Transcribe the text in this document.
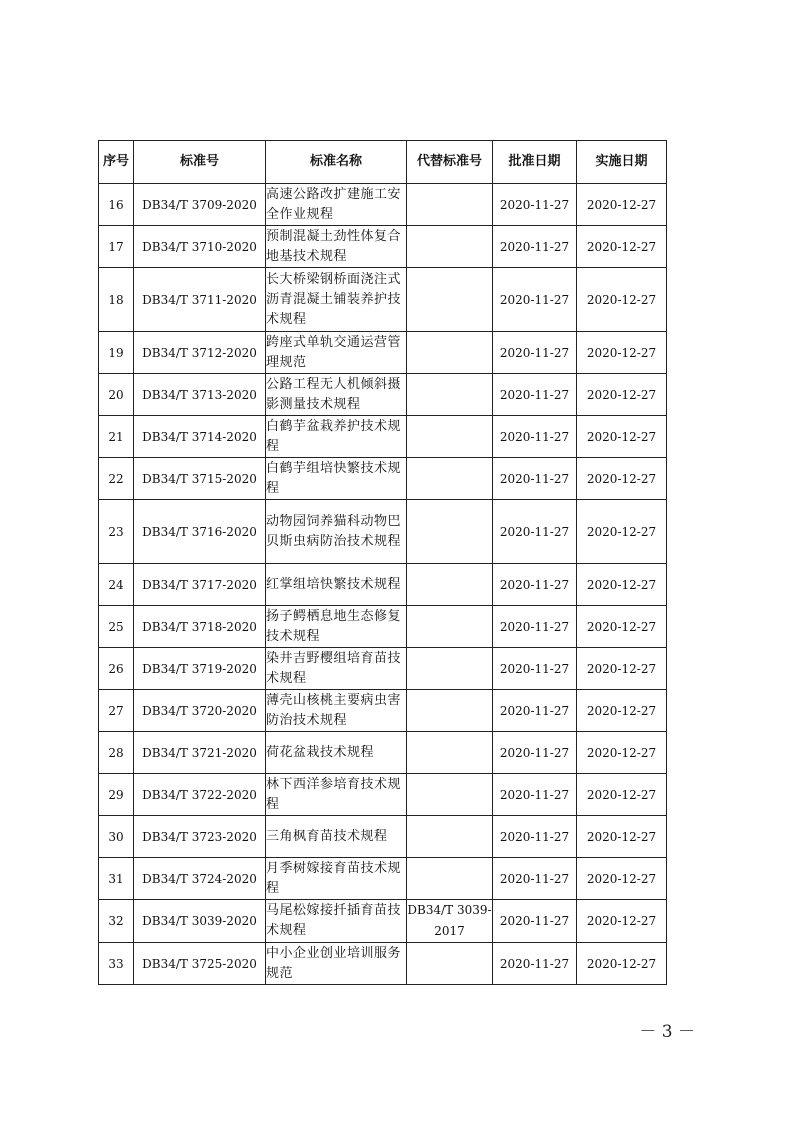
序号	标准号	标准名称	代替标准号	批准日期	实施日期
16	DB34/T 3709-2020	高速公路改扩建施工安全作业规程		2020-11-27	2020-12-27
17	DB34/T 3710-2020	预制混凝土劲性体复合地基技术规程		2020-11-27	2020-12-27
18	DB34/T 3711-2020	长大桥梁钢桥面浇注式沥青混凝土铺装养护技术规程		2020-11-27	2020-12-27
19	DB34/T 3712-2020	跨座式单轨交通运营管理规范		2020-11-27	2020-12-27
20	DB34/T 3713-2020	公路工程无人机倾斜摄影测量技术规程		2020-11-27	2020-12-27
21	DB34/T 3714-2020	白鹤芋盆栽养护技术规程		2020-11-27	2020-12-27
22	DB34/T 3715-2020	白鹤芋组培快繁技术规程		2020-11-27	2020-12-27
23	DB34/T 3716-2020	动物园饲养猫科动物巴贝斯虫病防治技术规程		2020-11-27	2020-12-27
24	DB34/T 3717-2020	红掌组培快繁技术规程		2020-11-27	2020-12-27
25	DB34/T 3718-2020	扬子鳄栖息地生态修复技术规程		2020-11-27	2020-12-27
26	DB34/T 3719-2020	染井吉野樱组培育苗技术规程		2020-11-27	2020-12-27
27	DB34/T 3720-2020	薄壳山核桃主要病虫害防治技术规程		2020-11-27	2020-12-27
28	DB34/T 3721-2020	荷花盆栽技术规程		2020-11-27	2020-12-27
29	DB34/T 3722-2020	林下西洋参培育技术规程		2020-11-27	2020-12-27
30	DB34/T 3723-2020	三角枫育苗技术规程		2020-11-27	2020-12-27
31	DB34/T 3724-2020	月季树嫁接育苗技术规程		2020-11-27	2020-12-27
32	DB34/T 3039-2020	马尾松嫁接扦插育苗技术规程	DB34/T 3039-2017	2020-11-27	2020-12-27
33	DB34/T 3725-2020	中小企业创业培训服务规范		2020-11-27	2020-12-27
－ 3 －
